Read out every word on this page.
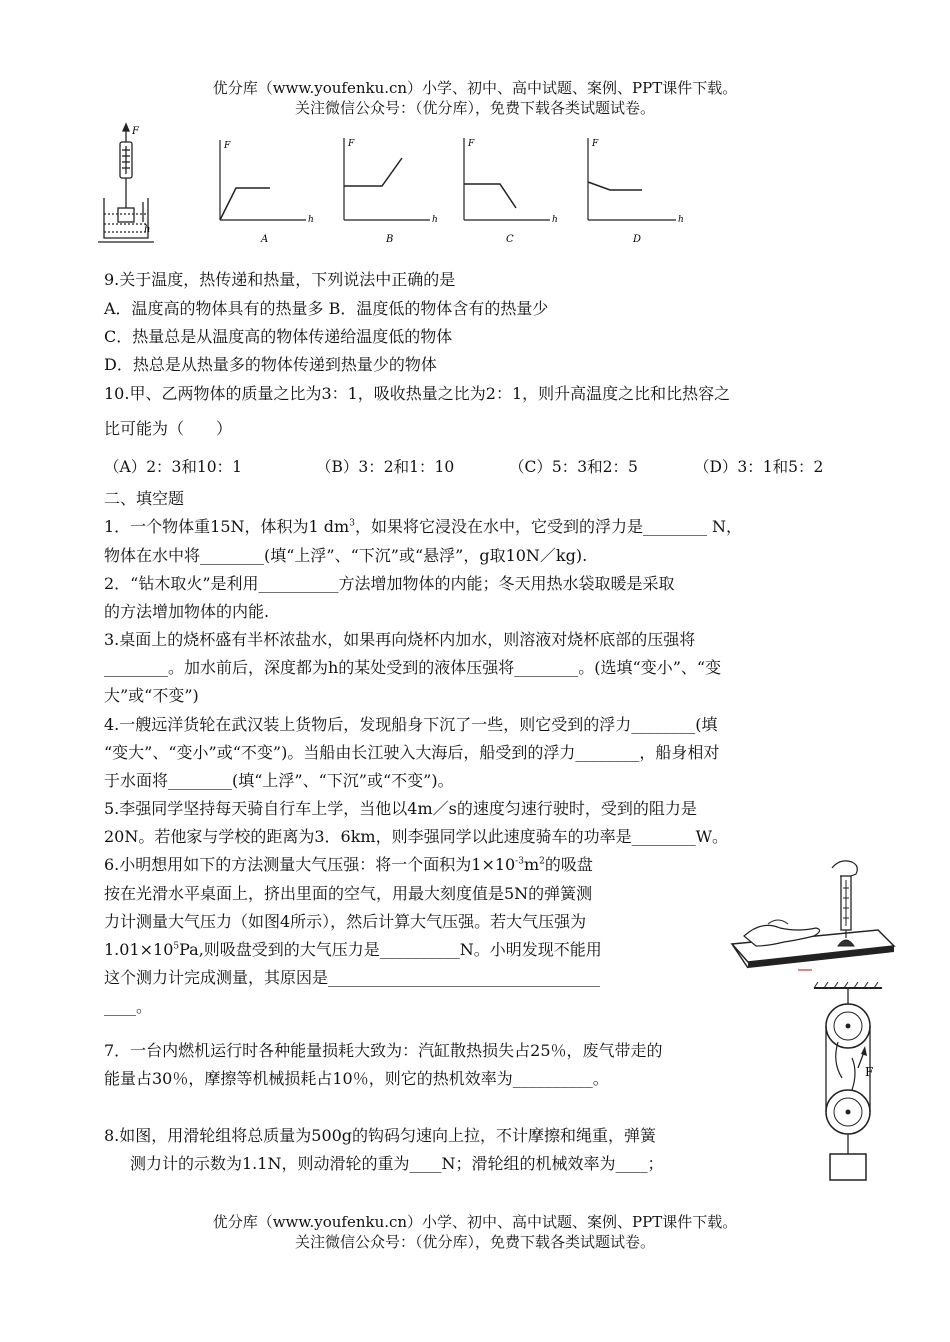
优分库（www.youfenku.cn）小学、初中、高中试题、案例、PPT课件下载。
关注微信公众号：（优分库），免费下载各类试题试卷。
F
h
F
h
A
F
h
B
F
h
C
F
h
D
9.关于温度，热传递和热量，下列说法中正确的是
A．温度高的物体具有的热量多 B．温度低的物体含有的热量少
C．热量总是从温度高的物体传递给温度低的物体
D．热总是从热量多的物体传递到热量少的物体
10.甲、乙两物体的质量之比为3：1，吸收热量之比为2：1，则升高温度之比和比热容之
比可能为（　　）
（A）2：3和10：1	（B）3：2和1：10	（C）5：3和2：5	（D）3：1和5：2
二、填空题
1．一个物体重15N，体积为1 $dm^3$，如果将它浸没在水中，它受到的浮力是________ N，
物体在水中将________(填“上浮”、“下沉”或“悬浮”，g取10N／kg).
2．“钻木取火”是利用__________方法增加物体的内能；冬天用热水袋取暖是采取
的方法增加物体的内能.
3.桌面上的烧杯盛有半杯浓盐水，如果再向烧杯内加水，则溶液对烧杯底部的压强将
________。加水前后，深度都为h的某处受到的液体压强将________。(选填“变小”、“变
大”或“不变”)
4.一艘远洋货轮在武汉装上货物后，发现船身下沉了一些，则它受到的浮力________(填
“变大”、“变小”或“不变”)。当船由长江驶入大海后，船受到的浮力________，船身相对
于水面将________(填“上浮”、“下沉”或“不变”)。
5.李强同学坚持每天骑自行车上学，当他以4m／s的速度匀速行驶时，受到的阻力是
20N。若他家与学校的距离为3．6km，则李强同学以此速度骑车的功率是________W。
6.小明想用如下的方法测量大气压强：将一个面积为$1\times 10^{-3}m^2$的吸盘
按在光滑水平桌面上，挤出里面的空气，用最大刻度值是5N的弹簧测
力计测量大气压力（如图4所示），然后计算大气压强。若大气压强为
$1.01\times 10^5Pa$,则吸盘受到的大气压力是__________N。小明发现不能用
这个测力计完成测量，其原因是__________________________________
____。
7．一台内燃机运行时各种能量损耗大致为：汽缸散热损失占25％，废气带走的
能量占30％，摩擦等机械损耗占10％，则它的热机效率为__________。
8.如图，用滑轮组将总质量为500g的钩码匀速向上拉，不计摩擦和绳重，弹簧
测力计的示数为1.1N，则动滑轮的重为____N；滑轮组的机械效率为____；
F
优分库（www.youfenku.cn）小学、初中、高中试题、案例、PPT课件下载。
关注微信公众号：（优分库），免费下载各类试题试卷。
